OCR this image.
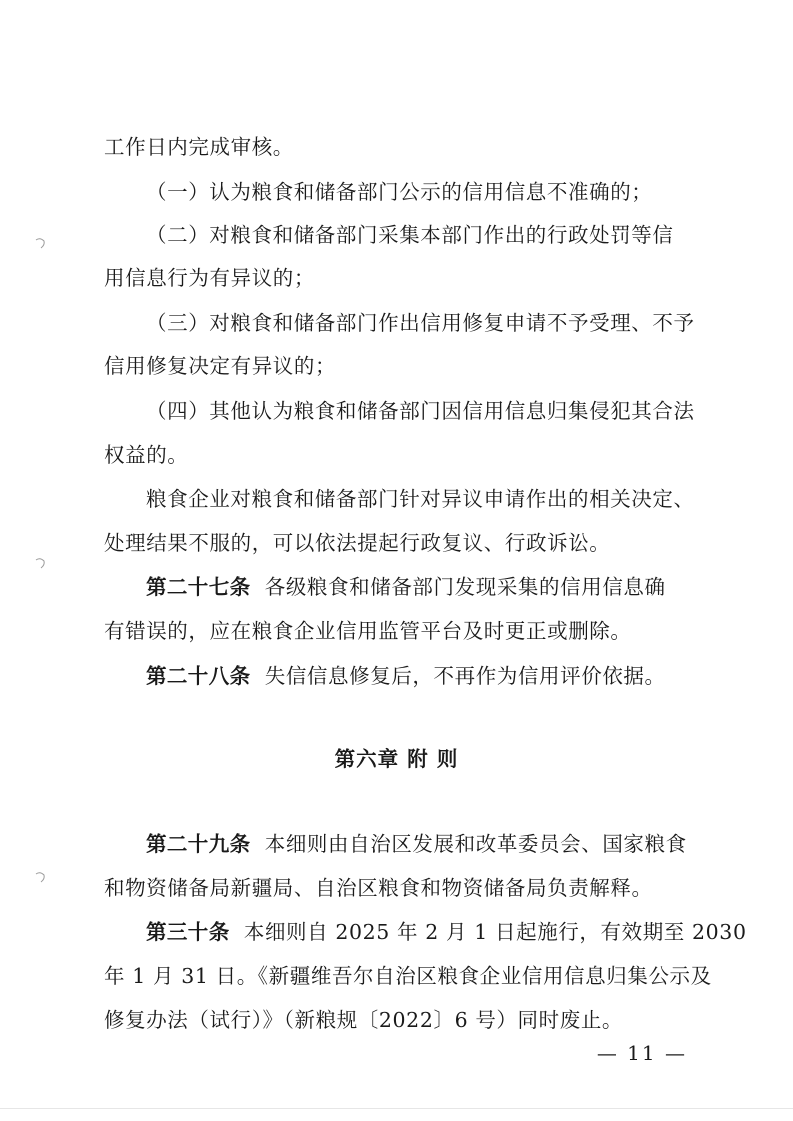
工作日内完成审核。
（一）认为粮食和储备部门公示的信用信息不准确的；
（二）对粮食和储备部门采集本部门作出的行政处罚等信
用信息行为有异议的；
（三）对粮食和储备部门作出信用修复申请不予受理、不予
信用修复决定有异议的；
（四）其他认为粮食和储备部门因信用信息归集侵犯其合法
权益的。
粮食企业对粮食和储备部门针对异议申请作出的相关决定、
处理结果不服的，可以依法提起行政复议、行政诉讼。
第二十七条 各级粮食和储备部门发现采集的信用信息确
有错误的，应在粮食企业信用监管平台及时更正或删除。
第二十八条 失信信息修复后，不再作为信用评价依据。
第六章 附 则
第二十九条 本细则由自治区发展和改革委员会、国家粮食
和物资储备局新疆局、自治区粮食和物资储备局负责解释。
第三十条 本细则自 2025 年 2 月 1 日起施行，有效期至 2030
年 1 月 31 日。《新疆维吾尔自治区粮食企业信用信息归集公示及
修复办法（试行）》（新粮规〔2022〕6 号）同时废止。
— 11 —
